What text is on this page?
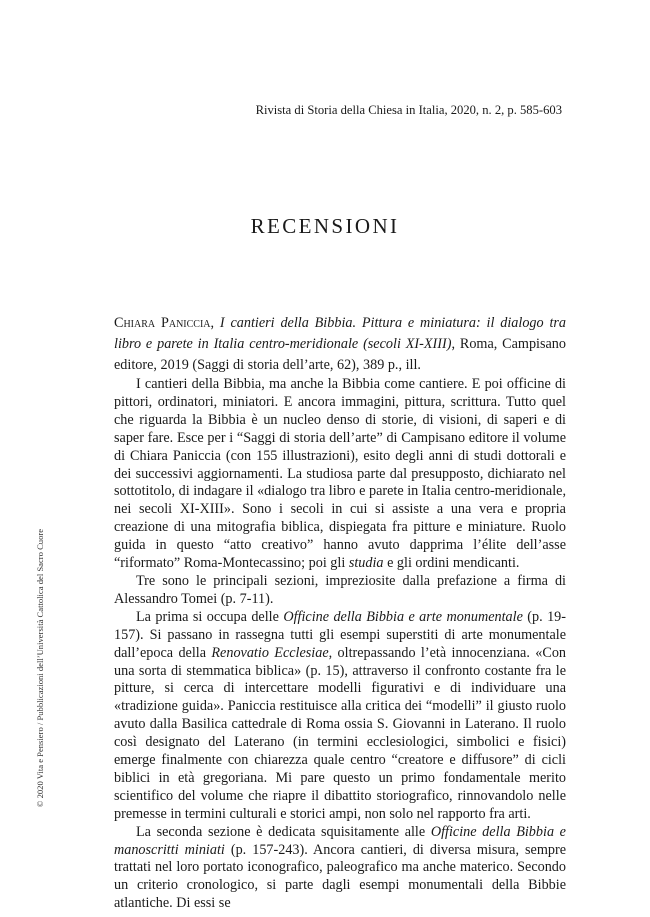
Rivista di Storia della Chiesa in Italia, 2020, n. 2, p. 585-603
RECENSIONI
Chiara Paniccia, I cantieri della Bibbia. Pittura e miniatura: il dialogo tra libro e parete in Italia centro-meridionale (secoli XI-XIII), Roma, Campisano editore, 2019 (Saggi di storia dell’arte, 62), 389 p., ill.

I cantieri della Bibbia, ma anche la Bibbia come cantiere. E poi officine di pittori, ordinatori, miniatori. E ancora immagini, pittura, scrittura. Tutto quel che riguarda la Bibbia è un nucleo denso di storie, di visioni, di saperi e di saper fare. Esce per i “Saggi di storia dell’arte” di Campisano editore il volume di Chiara Paniccia (con 155 illustrazioni), esito degli anni di studi dottorali e dei successivi aggiornamenti. La studiosa parte dal presupposto, dichiarato nel sottotitolo, di indagare il «dialogo tra libro e parete in Italia centro-meridionale, nei secoli XI-XIII». Sono i secoli in cui si assiste a una vera e propria creazione di una mitografia biblica, dispiegata fra pitture e miniature. Ruolo guida in questo “atto creativo” hanno avuto dapprima l’élite dell’asse “riformato” Roma-Montecassino; poi gli studia e gli ordini mendicanti.

Tre sono le principali sezioni, impreziosite dalla prefazione a firma di Alessandro Tomei (p. 7-11).

La prima si occupa delle Officine della Bibbia e arte monumentale (p. 19-157). Si passano in rassegna tutti gli esempi superstiti di arte monumentale dall’epoca della Renovatio Ecclesiae, oltrepassando l’età innocenziana. «Con una sorta di stemmatica biblica» (p. 15), attraverso il confronto costante fra le pitture, si cerca di intercettare modelli figurativi e di individuare una «tradizione guida». Paniccia restituisce alla critica dei “modelli” il giusto ruolo avuto dalla Basilica cattedrale di Roma ossia S. Giovanni in Laterano. Il ruolo così designato del Laterano (in termini ecclesiologici, simbolici e fisici) emerge finalmente con chiarezza quale centro “creatore e diffusore” di cicli biblici in età gregoriana. Mi pare questo un primo fondamentale merito scientifico del volume che riapre il dibattito storiografico, rinnovandolo nelle premesse in termini culturali e storici ampi, non solo nel rapporto fra arti.

La seconda sezione è dedicata squisitamente alle Officine della Bibbia e manoscritti miniati (p. 157-243). Ancora cantieri, di diversa misura, sempre trattati nel loro portato iconografico, paleografico ma anche materico. Secondo un criterio cronologico, si parte dagli esempi monumentali della Bibbie atlantiche. Di essi se

© 2020 Vita e Pensiero / Pubblicazioni dell’Università Cattolica del Sacro Cuore
